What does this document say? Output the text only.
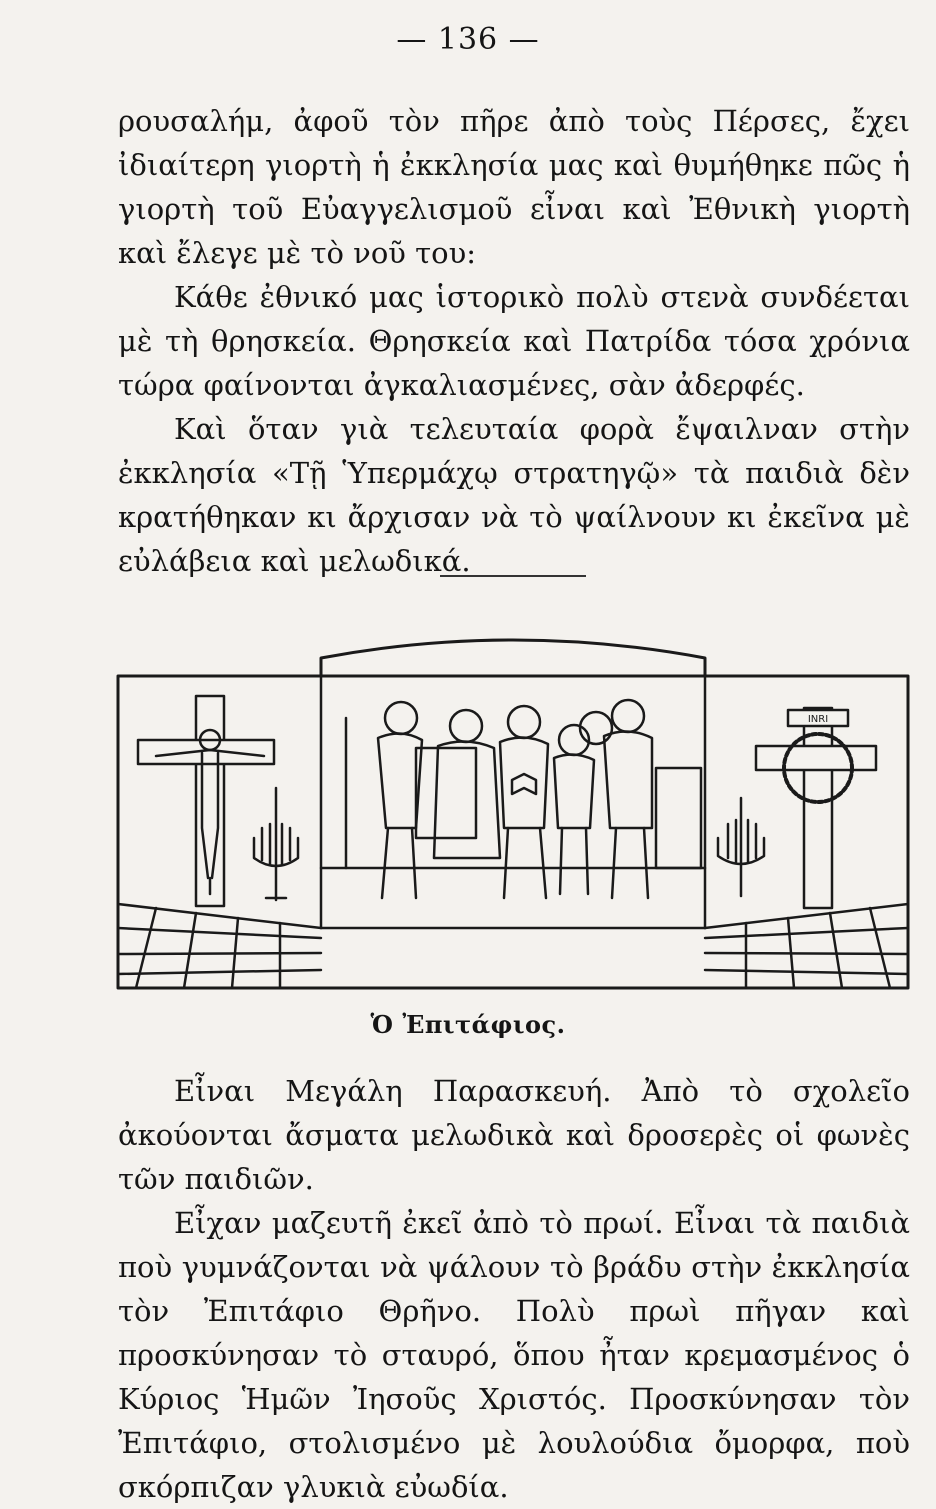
— 136 —

ρουσαλήμ, ἀφοῦ τὸν πῆρε ἀπὸ τοὺς Πέρσες, ἔχει ἰδιαίτερη γιορτὴ ἡ ἐκκλησία μας καὶ θυμήθηκε πῶς ἡ γιορτὴ τοῦ Εὐαγγελισμοῦ εἶναι καὶ Ἐθνικὴ γιορτὴ καὶ ἔλεγε μὲ τὸ νοῦ του:

Κάθε ἐθνικό μας ἱστορικὸ πολὺ στενὰ συνδέεται μὲ τὴ θρησκεία. Θρησκεία καὶ Πατρίδα τόσα χρόνια τώρα φαίνονται ἀγκαλιασμένες, σὰν ἀδερφές.

Καὶ ὅταν γιὰ τελευταία φορὰ ἔψαιλναν στὴν ἐκκλησία «Τῇ Ὑπερμάχῳ στρατηγῷ» τὰ παιδιὰ δὲν κρατήθηκαν κι ἄρχισαν νὰ τὸ ψαίλνουν κι ἐκεῖνα μὲ εὐλάβεια καὶ μελωδικά.

INRI
Ὁ Ἐπιτάφιος.

Εἶναι Μεγάλη Παρασκευή. Ἀπὸ τὸ σχολεῖο ἀκούονται ἄσματα μελωδικὰ καὶ δροσερὲς οἱ φωνὲς τῶν παιδιῶν.

Εἶχαν μαζευτῆ ἐκεῖ ἀπὸ τὸ πρωί. Εἶναι τὰ παιδιὰ ποὺ γυμνάζονται νὰ ψάλουν τὸ βράδυ στὴν ἐκκλησία τὸν Ἐπιτάφιο Θρῆνο. Πολὺ πρωὶ πῆγαν καὶ προσκύνησαν τὸ σταυρό, ὅπου ἦταν κρεμασμένος ὁ Κύριος Ἡμῶν Ἰησοῦς Χριστός. Προσκύνησαν τὸν Ἐπιτάφιο, στολισμένο μὲ λουλούδια ὄμορφα, ποὺ σκόρπιζαν γλυκιὰ εὐωδία.
